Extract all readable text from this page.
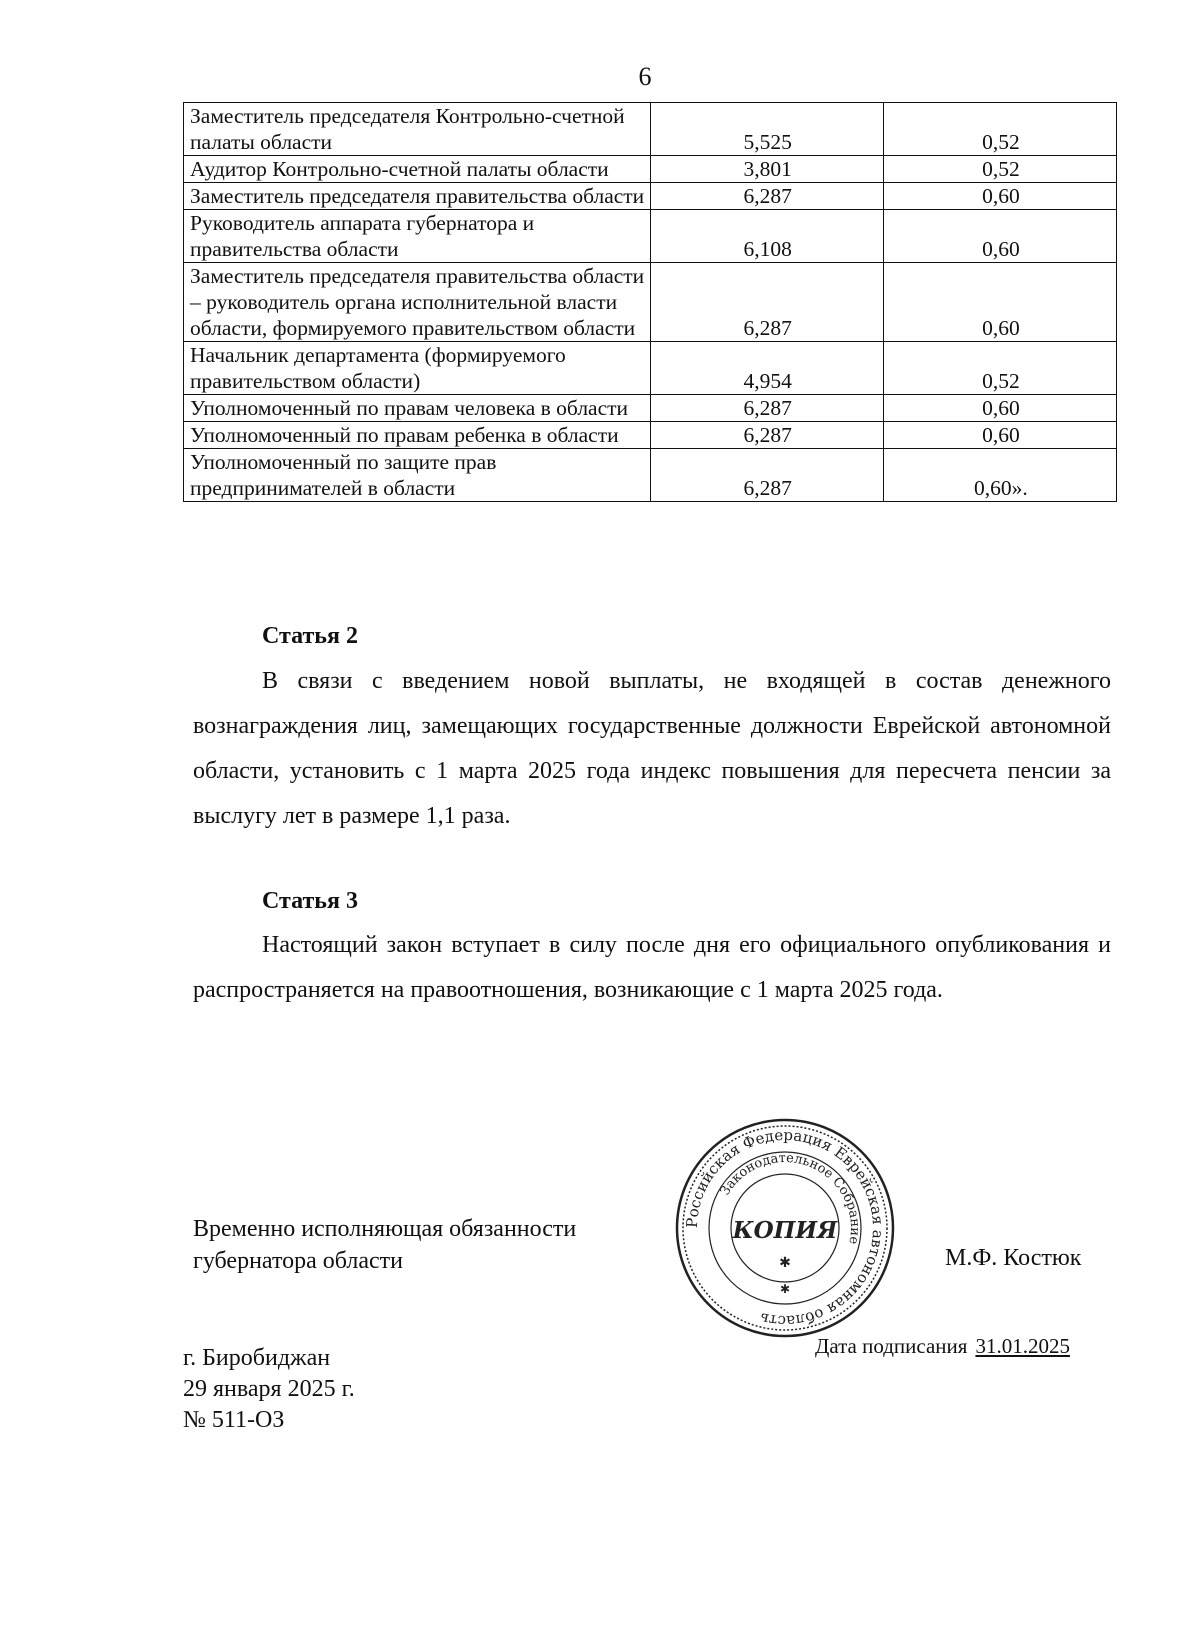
6
Заместитель председателя Контрольно-счетной палаты области	5,525	0,52
Аудитор Контрольно-счетной палаты области	3,801	0,52
Заместитель председателя правительства области	6,287	0,60
Руководитель аппарата губернатора и правительства области	6,108	0,60
Заместитель председателя правительства области – руководитель органа исполнительной власти области, формируемого правительством области	6,287	0,60
Начальник департамента (формируемого правительством области)	4,954	0,52
Уполномоченный по правам человека в области	6,287	0,60
Уполномоченный по правам ребенка в области	6,287	0,60
Уполномоченный по защите прав предпринимателей в области	6,287	0,60».
Статья 2
В связи с введением новой выплаты, не входящей в состав денежного вознаграждения лиц, замещающих государственные должности Еврейской автономной области, установить с 1 марта 2025 года индекс повышения для пересчета пенсии за выслугу лет в размере 1,1 раза.
Статья 3
Настоящий закон вступает в силу после дня его официального опубликования и распространяется на правоотношения, возникающие с 1 марта 2025 года.
Временно исполняющая обязанности
губернатора области
Российская Федерация Еврейская автономная область
Законодательное Собрание
КОПИЯ
✱
✱
М.Ф. Костюк
Дата подписания 31.01.2025
г. Биробиджан
29 января 2025 г.
№ 511-ОЗ
